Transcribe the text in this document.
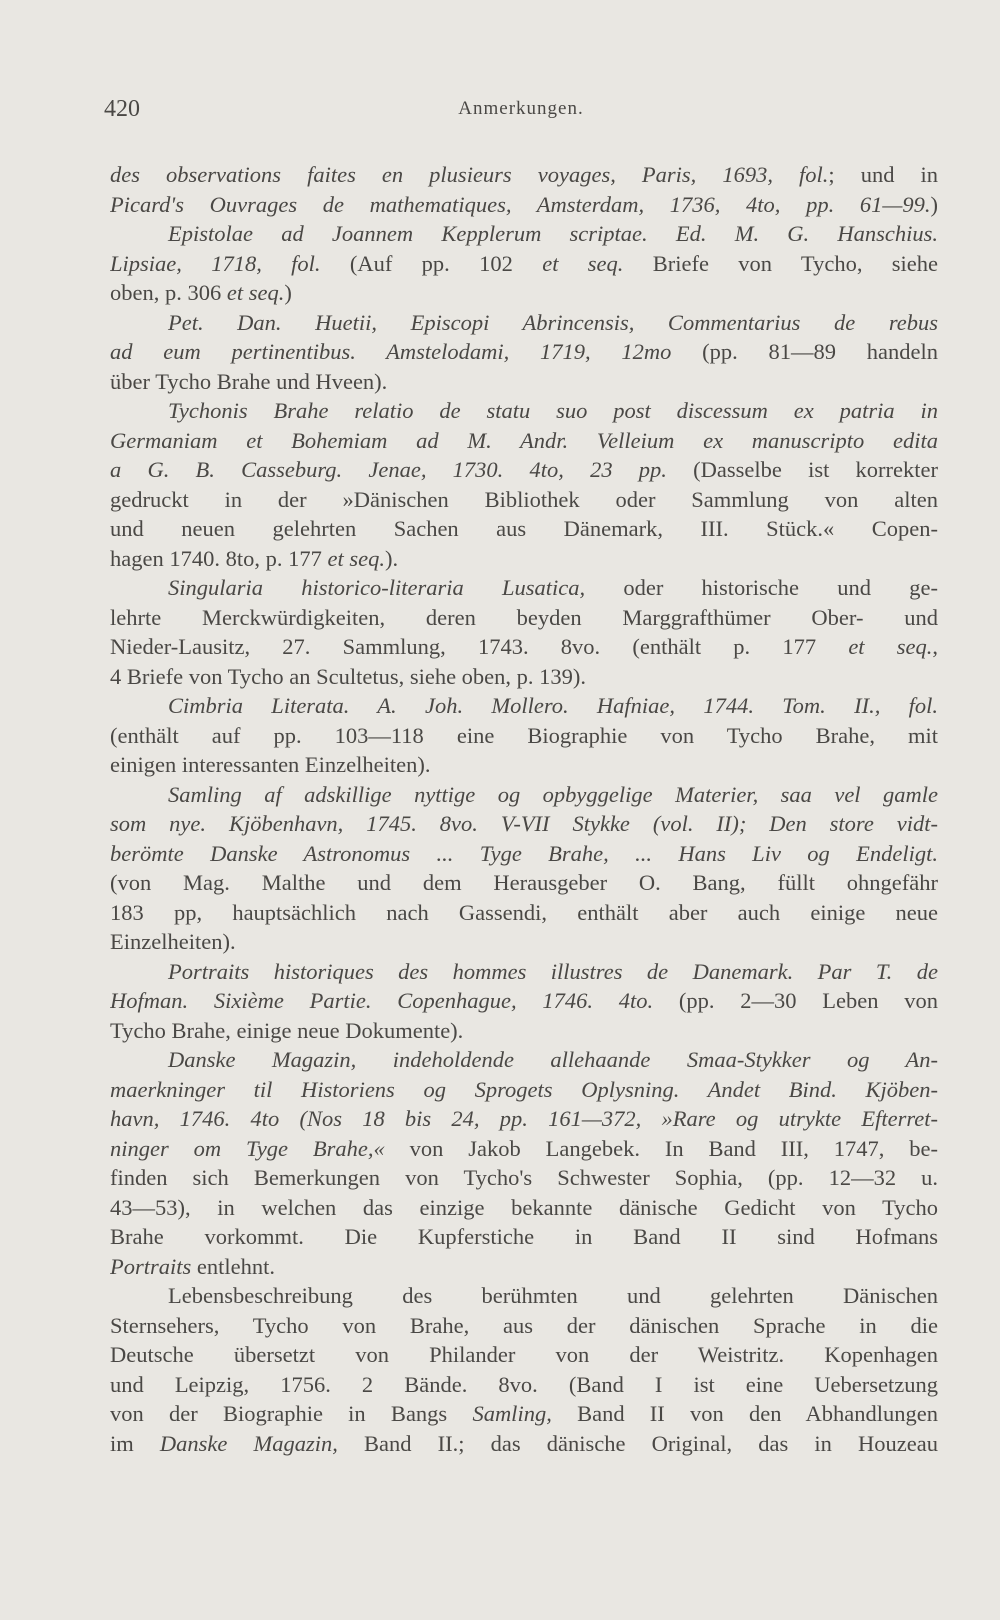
420	Anmerkungen.
des observations faites en plusieurs voyages, Paris, 1693, fol.; und in
Picard's Ouvrages de mathematiques, Amsterdam, 1736, 4to, pp. 61—99.)
Epistolae ad Joannem Kepplerum scriptae. Ed. M. G. Hanschius.
Lipsiae, 1718, fol. (Auf pp. 102 et seq. Briefe von Tycho, siehe
oben, p. 306 et seq.)
Pet. Dan. Huetii, Episcopi Abrincensis, Commentarius de rebus
ad eum pertinentibus. Amstelodami, 1719, 12mo (pp. 81—89 handeln
über Tycho Brahe und Hveen).
Tychonis Brahe relatio de statu suo post discessum ex patria in
Germaniam et Bohemiam ad M. Andr. Velleium ex manuscripto edita
a G. B. Casseburg. Jenae, 1730. 4to, 23 pp. (Dasselbe ist korrekter
gedruckt in der »Dänischen Bibliothek oder Sammlung von alten
und neuen gelehrten Sachen aus Dänemark, III. Stück.« Copen-
hagen 1740. 8to, p. 177 et seq.).
Singularia historico-literaria Lusatica, oder historische und ge-
lehrte Merckwürdigkeiten, deren beyden Marggrafthümer Ober- und
Nieder-Lausitz, 27. Sammlung, 1743. 8vo. (enthält p. 177 et seq.,
4 Briefe von Tycho an Scultetus, siehe oben, p. 139).
Cimbria Literata. A. Joh. Mollero. Hafniae, 1744. Tom. II., fol.
(enthält auf pp. 103—118 eine Biographie von Tycho Brahe, mit
einigen interessanten Einzelheiten).
Samling af adskillige nyttige og opbyggelige Materier, saa vel gamle
som nye. Kjöbenhavn, 1745. 8vo. V-VII Stykke (vol. II); Den store vidt-
berömte Danske Astronomus ... Tyge Brahe, ... Hans Liv og Endeligt.
(von Mag. Malthe und dem Herausgeber O. Bang, füllt ohngefähr
183 pp, hauptsächlich nach Gassendi, enthält aber auch einige neue
Einzelheiten).
Portraits historiques des hommes illustres de Danemark. Par T. de
Hofman. Sixième Partie. Copenhague, 1746. 4to. (pp. 2—30 Leben von
Tycho Brahe, einige neue Dokumente).
Danske Magazin, indeholdende allehaande Smaa-Stykker og An-
maerkninger til Historiens og Sprogets Oplysning. Andet Bind. Kjöben-
havn, 1746. 4to (Nos 18 bis 24, pp. 161—372, »Rare og utrykte Efterret-
ninger om Tyge Brahe,« von Jakob Langebek. In Band III, 1747, be-
finden sich Bemerkungen von Tycho's Schwester Sophia, (pp. 12—32 u.
43—53), in welchen das einzige bekannte dänische Gedicht von Tycho
Brahe vorkommt. Die Kupferstiche in Band II sind Hofmans
Portraits entlehnt.
Lebensbeschreibung des berühmten und gelehrten Dänischen
Sternsehers, Tycho von Brahe, aus der dänischen Sprache in die
Deutsche übersetzt von Philander von der Weistritz. Kopenhagen
und Leipzig, 1756. 2 Bände. 8vo. (Band I ist eine Uebersetzung
von der Biographie in Bangs Samling, Band II von den Abhandlungen
im Danske Magazin, Band II.; das dänische Original, das in Houzeau
